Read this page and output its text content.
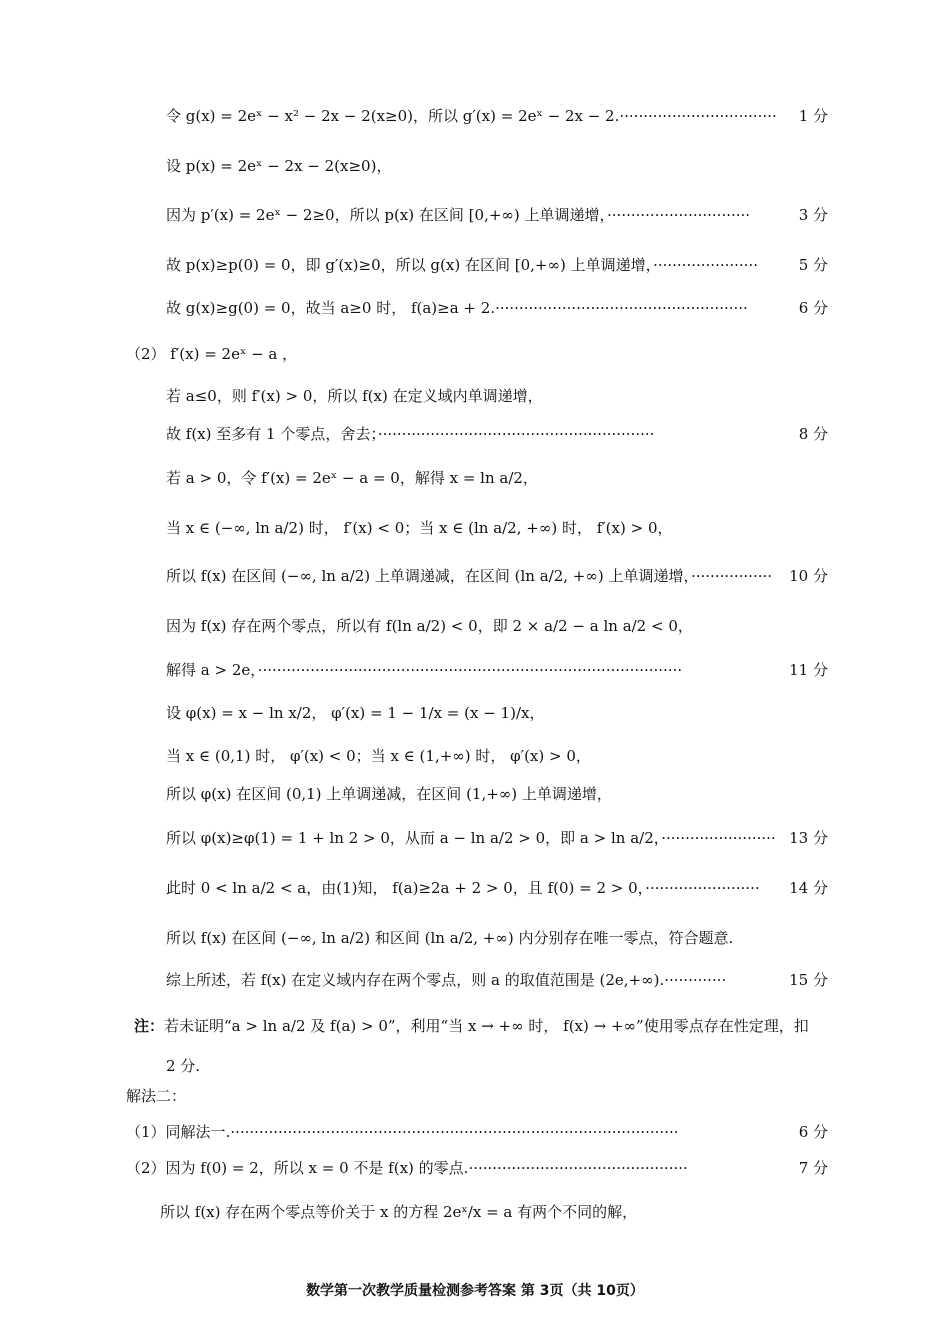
令 g(x) = 2eˣ − x² − 2x − 2(x≥0)，所以 g′(x) = 2eˣ − 2x − 2.································· 1 分
设 p(x) = 2eˣ − 2x − 2(x≥0)，
因为 p′(x) = 2eˣ − 2≥0，所以 p(x) 在区间 [0,+∞) 上单调递增，······························	3 分
故 p(x)≥p(0) = 0，即 g′(x)≥0，所以 g(x) 在区间 [0,+∞) 上单调递增，······················	5 分
故 g(x)≥g(0) = 0，故当 a≥0 时， f(a)≥a + 2.·····················································	6 分
（2） f′(x) = 2eˣ − a ，
若 a≤0，则 f′(x) > 0，所以 f(x) 在定义域内单调递增，
故 f(x) 至多有 1 个零点，舍去；··························································	8 分
若 a > 0，令 f′(x) = 2eˣ − a = 0，解得 x = ln a/2，
当 x ∈ (−∞, ln a/2) 时， f′(x) < 0；当 x ∈ (ln a/2, +∞) 时， f′(x) > 0，
所以 f(x) 在区间 (−∞, ln a/2) 上单调递减，在区间 (ln a/2, +∞) 上单调递增，················· 10 分
因为 f(x) 存在两个零点，所以有 f(ln a/2) < 0，即 2 × a/2 − a ln a/2 < 0，
解得 a > 2e，·························································································	11 分
设 φ(x) = x − ln x/2， φ′(x) = 1 − 1/x = (x − 1)/x，
当 x ∈ (0,1) 时， φ′(x) < 0；当 x ∈ (1,+∞) 时， φ′(x) > 0，
所以 φ(x) 在区间 (0,1) 上单调递减，在区间 (1,+∞) 上单调递增，
所以 φ(x)≥φ(1) = 1 + ln 2 > 0，从而 a − ln a/2 > 0，即 a > ln a/2，························ 13 分
此时 0 < ln a/2 < a，由(1)知， f(a)≥2a + 2 > 0，且 f(0) = 2 > 0，························ 14 分
所以 f(x) 在区间 (−∞, ln a/2) 和区间 (ln a/2, +∞) 内分别存在唯一零点，符合题意.
综上所述，若 f(x) 在定义域内存在两个零点，则 a 的取值范围是 (2e,+∞).·············	15 分
注：若未证明“a > ln a/2 及 f(a) > 0”，利用“当 x → +∞ 时， f(x) → +∞”使用零点存在性定理，扣
2 分.
解法二：
（1）同解法一.······························································································	6 分
（2）因为 f(0) = 2，所以 x = 0 不是 f(x) 的零点.··············································	7 分
所以 f(x) 存在两个零点等价关于 x 的方程 2eˣ/x = a 有两个不同的解，
数学第一次教学质量检测参考答案 第 3页（共 10页）
